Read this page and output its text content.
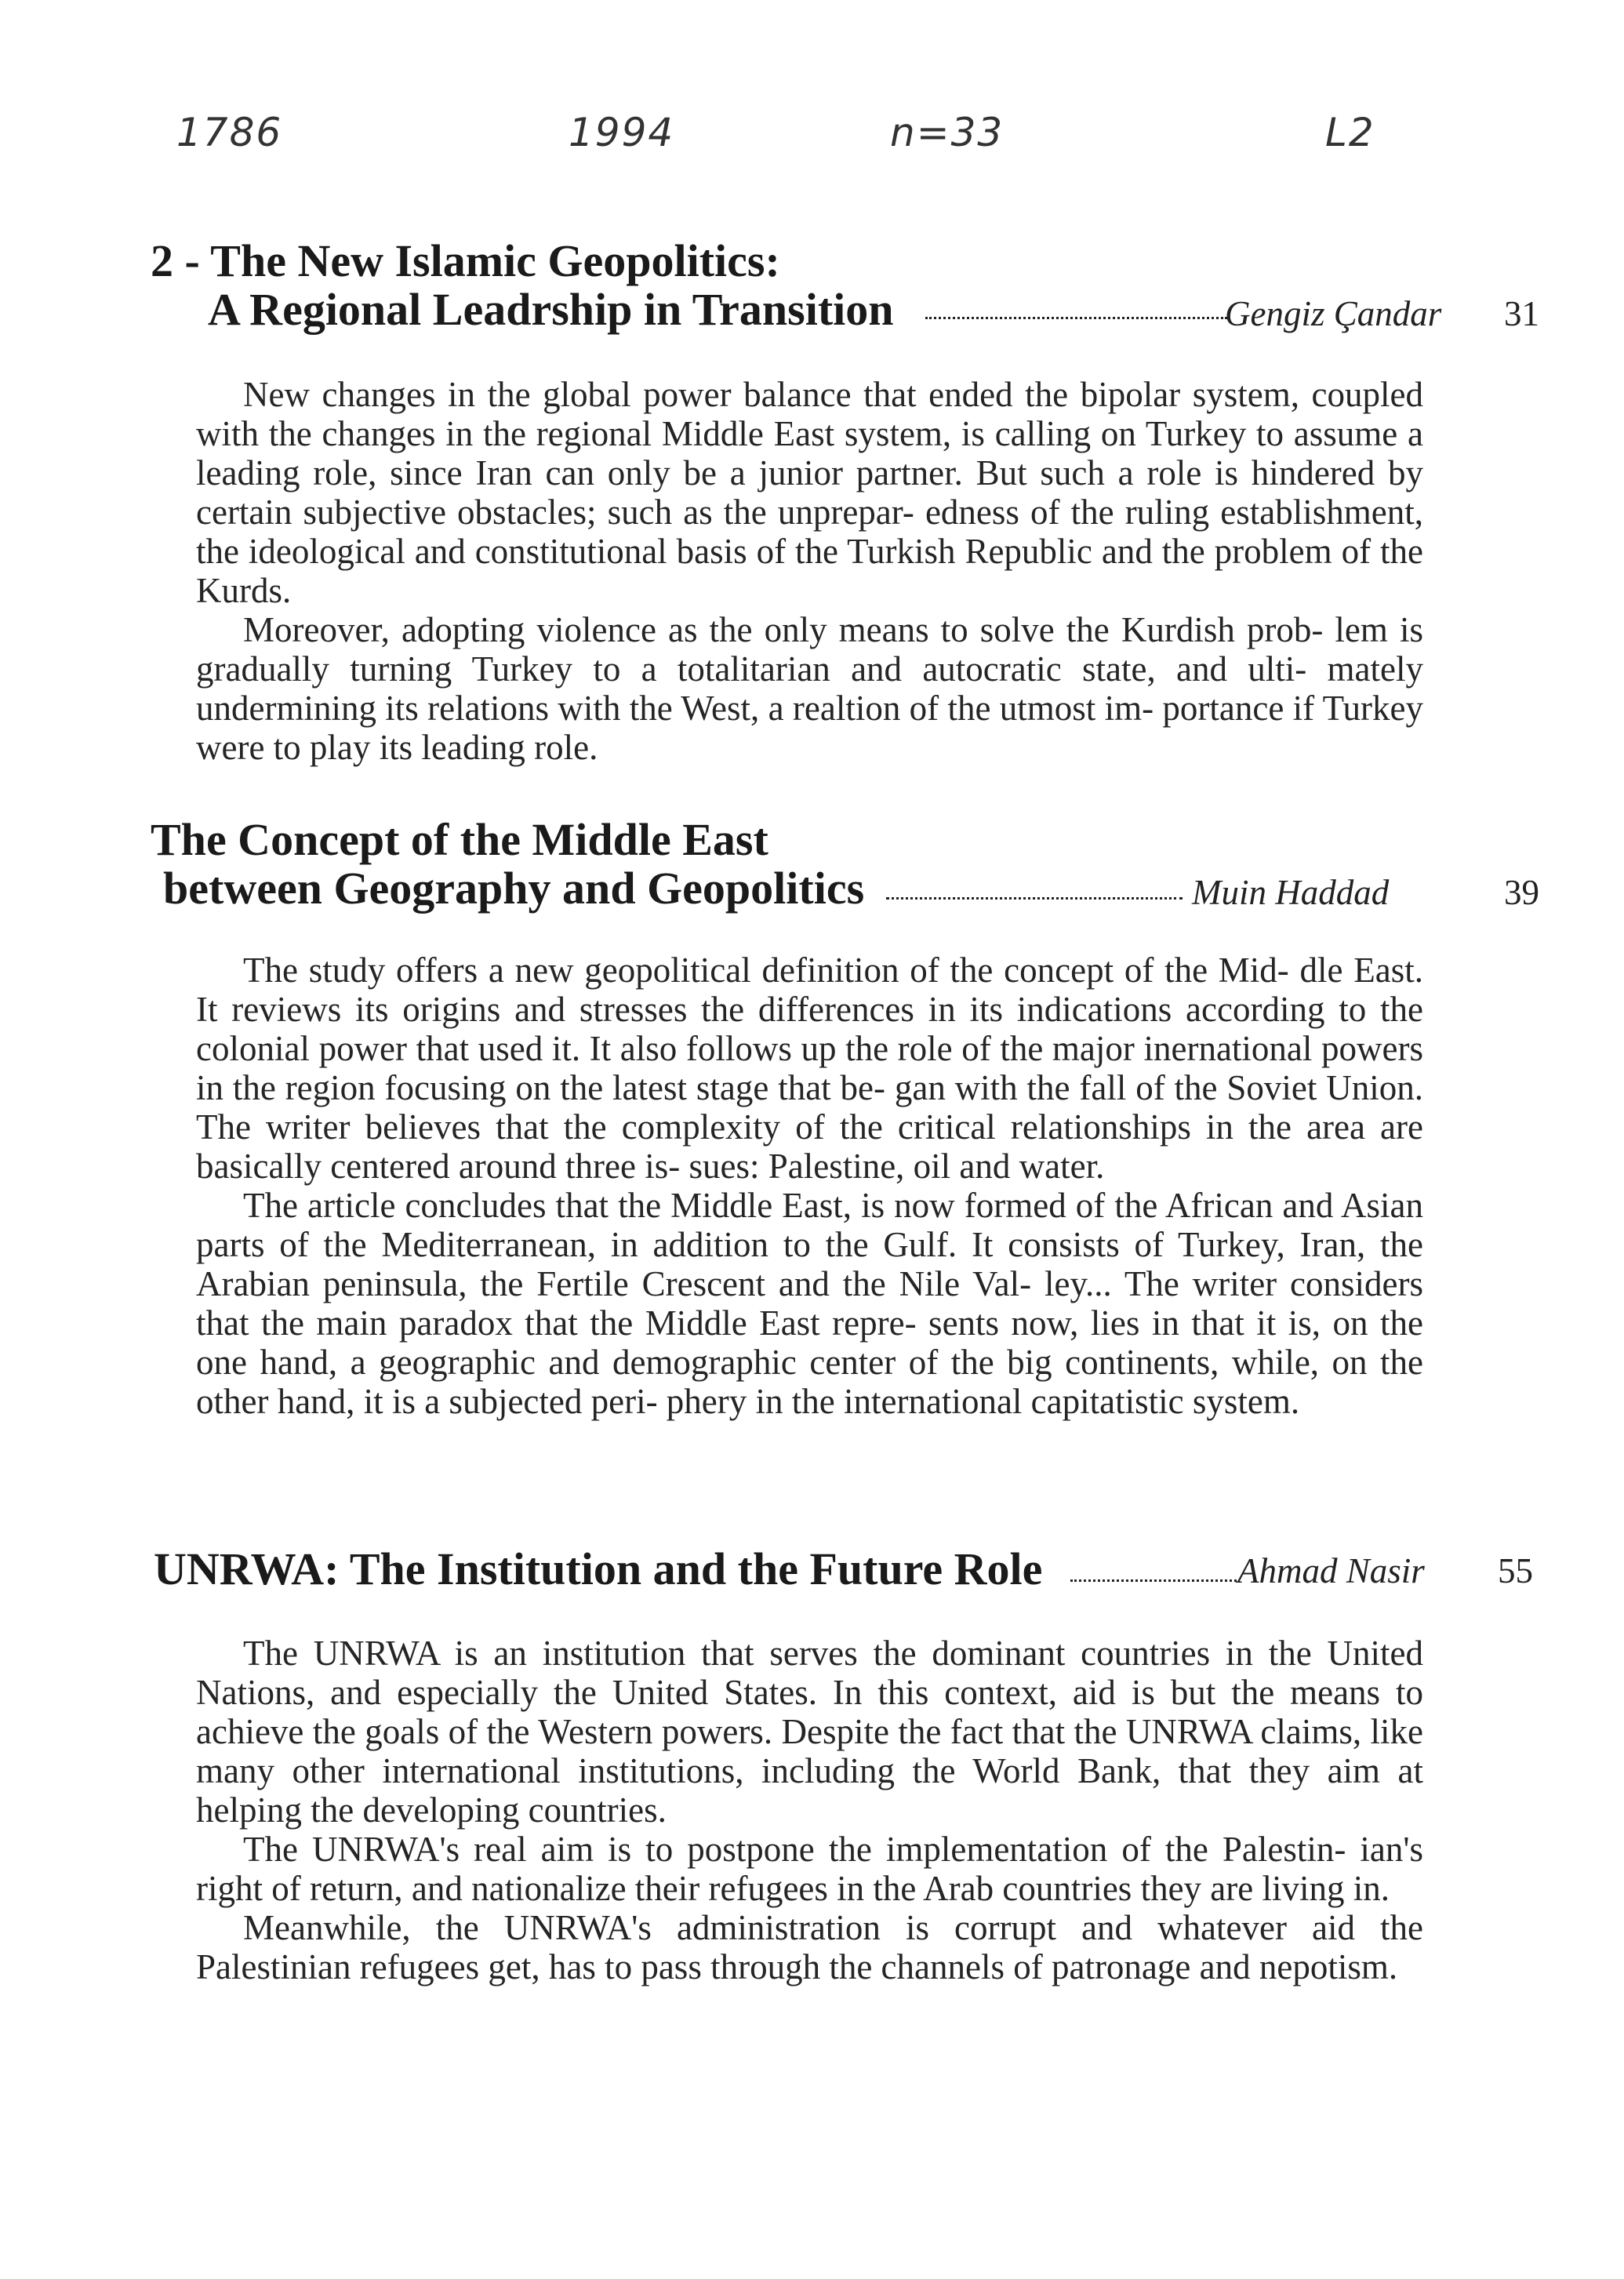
1786	1994	n=33	L2
2 - The New Islamic Geopolitics:
A Regional Leadrship in Transition	Gengiz Çandar 31

New changes in the global power balance that ended the bipolar system, coupled with the changes in the regional Middle East system, is calling on Turkey to assume a leading role, since Iran can only be a junior partner. But such a role is hindered by certain subjective obstacles; such as the unprepar- edness of the ruling establishment, the ideological and constitutional basis of the Turkish Republic and the problem of the Kurds.

Moreover, adopting violence as the only means to solve the Kurdish prob- lem is gradually turning Turkey to a totalitarian and autocratic state, and ulti- mately undermining its relations with the West, a realtion of the utmost im- portance if Turkey were to play its leading role.

The Concept of the Middle East
between Geography and Geopolitics	Muin Haddad	39

The study offers a new geopolitical definition of the concept of the Mid- dle East. It reviews its origins and stresses the differences in its indications according to the colonial power that used it. It also follows up the role of the major inernational powers in the region focusing on the latest stage that be- gan with the fall of the Soviet Union. The writer believes that the complexity of the critical relationships in the area are basically centered around three is- sues: Palestine, oil and water.

The article concludes that the Middle East, is now formed of the African and Asian parts of the Mediterranean, in addition to the Gulf. It consists of Turkey, Iran, the Arabian peninsula, the Fertile Crescent and the Nile Val- ley... The writer considers that the main paradox that the Middle East repre- sents now, lies in that it is, on the one hand, a geographic and demographic center of the big continents, while, on the other hand, it is a subjected peri- phery in the international capitatistic system.

UNRWA: The Institution and the Future Role	Ahmad Nasir 55

The UNRWA is an institution that serves the dominant countries in the United Nations, and especially the United States. In this context, aid is but the means to achieve the goals of the Western powers. Despite the fact that the UNRWA claims, like many other international institutions, including the World Bank, that they aim at helping the developing countries.

The UNRWA's real aim is to postpone the implementation of the Palestin- ian's right of return, and nationalize their refugees in the Arab countries they are living in.

Meanwhile, the UNRWA's administration is corrupt and whatever aid the Palestinian refugees get, has to pass through the channels of patronage and nepotism.
